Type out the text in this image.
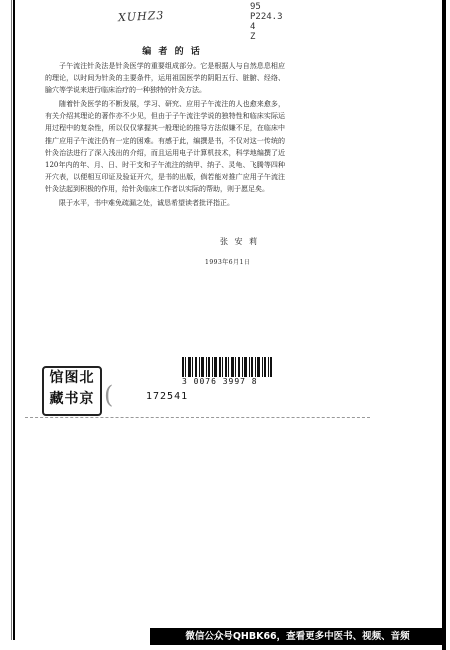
XUHZ3
95
P224.3
4
Z
编 者 的 话

子午流注针灸法是针灸医学的重要组成部分。它是根据人与自然息息相应的理论，以时间为针灸的主要条件，运用祖国医学的阴阳五行、脏腑、经络、腧穴等学说来进行临床治疗的一种独特的针灸方法。

随着针灸医学的不断发展，学习、研究、应用子午流注的人也愈来愈多，有关介绍其理论的著作亦不少见，但由于子午流注学说的独特性和临床实际运用过程中的复杂性，所以仅仅掌握其一般理论的推导方法似嫌不足，在临床中推广应用子午流注仍有一定的困难。有感于此，编撰是书，不仅对这一传统的针灸治法进行了深入浅出的介绍，而且运用电子计算机技术，科学地编撰了近120年内的年、月、日、时干支和子午流注的纳甲、纳子、灵龟、飞腾等四种开穴表，以便相互印证及验证开穴，是书的出版，倘若能对推广应用子午流注针灸法起到积极的作用，给针灸临床工作者以实际的帮助，则于愿足矣。

限于水平，书中难免疏漏之处，诚恳希望读者批评指正。

张 安 莉
1993年6月1日
馆图北
藏书京 (	172541
3 0076 3997 8
微信公众号QHBK66，查看更多中医书、视频、音频
